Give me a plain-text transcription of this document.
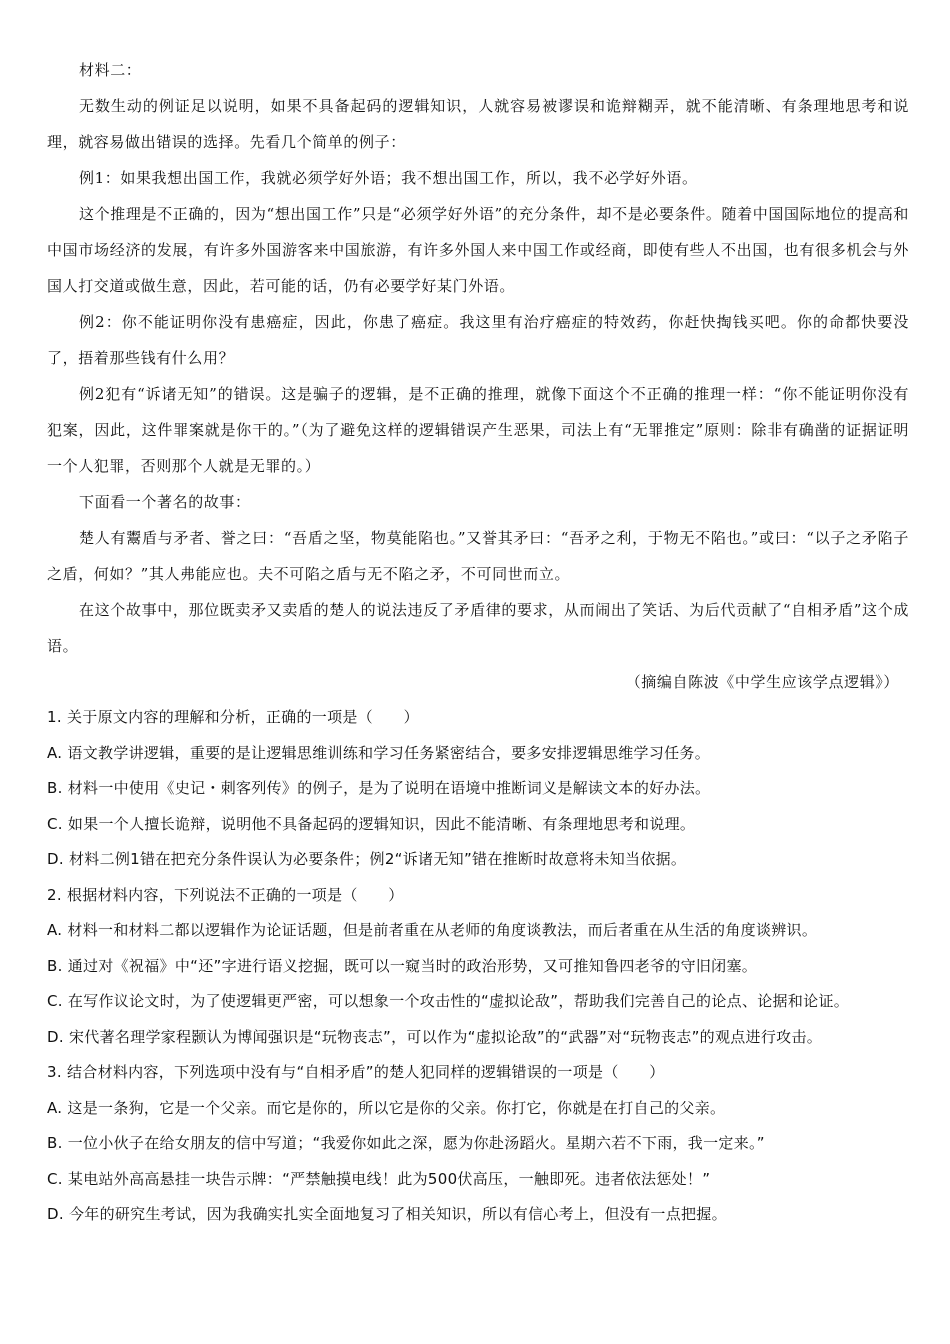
材料二：

无数生动的例证足以说明，如果不具备起码的逻辑知识，人就容易被谬误和诡辩糊弄，就不能清晰、有条理地思考和说理，就容易做出错误的选择。先看几个简单的例子：

例1：如果我想出国工作，我就必须学好外语；我不想出国工作，所以，我不必学好外语。

这个推理是不正确的，因为“想出国工作”只是“必须学好外语”的充分条件，却不是必要条件。随着中国国际地位的提高和中国市场经济的发展，有许多外国游客来中国旅游，有许多外国人来中国工作或经商，即使有些人不出国，也有很多机会与外国人打交道或做生意，因此，若可能的话，仍有必要学好某门外语。

例2：你不能证明你没有患癌症，因此，你患了癌症。我这里有治疗癌症的特效药，你赶快掏钱买吧。你的命都快要没了，捂着那些钱有什么用？

例2犯有“诉诸无知”的错误。这是骗子的逻辑，是不正确的推理，就像下面这个不正确的推理一样：“你不能证明你没有犯案，因此，这件罪案就是你干的。”（为了避免这样的逻辑错误产生恶果，司法上有“无罪推定”原则：除非有确凿的证据证明一个人犯罪，否则那个人就是无罪的。）

下面看一个著名的故事：

楚人有鬻盾与矛者、誉之曰：“吾盾之坚，物莫能陷也。”又誉其矛曰：“吾矛之利，于物无不陷也。”或曰：“以子之矛陷子之盾，何如？”其人弗能应也。夫不可陷之盾与无不陷之矛，不可同世而立。

在这个故事中，那位既卖矛又卖盾的楚人的说法违反了矛盾律的要求，从而闹出了笑话、为后代贡献了“自相矛盾”这个成语。

（摘编自陈波《中学生应该学点逻辑》）

1. 关于原文内容的理解和分析，正确的一项是（　　）

A. 语文教学讲逻辑，重要的是让逻辑思维训练和学习任务紧密结合，要多安排逻辑思维学习任务。

B. 材料一中使用《史记・刺客列传》的例子，是为了说明在语境中推断词义是解读文本的好办法。

C. 如果一个人擅长诡辩，说明他不具备起码的逻辑知识，因此不能清晰、有条理地思考和说理。

D. 材料二例1错在把充分条件误认为必要条件；例2“诉诸无知”错在推断时故意将未知当依据。

2. 根据材料内容，下列说法不正确的一项是（　　）

A. 材料一和材料二都以逻辑作为论证话题，但是前者重在从老师的角度谈教法，而后者重在从生活的角度谈辨识。

B. 通过对《祝福》中“还”字进行语义挖掘，既可以一窥当时的政治形势，又可推知鲁四老爷的守旧闭塞。

C. 在写作议论文时，为了使逻辑更严密，可以想象一个攻击性的“虚拟论敌”，帮助我们完善自己的论点、论据和论证。

D. 宋代著名理学家程颢认为博闻强识是“玩物丧志”，可以作为“虚拟论敌”的“武器”对“玩物丧志”的观点进行攻击。

3. 结合材料内容，下列选项中没有与“自相矛盾”的楚人犯同样的逻辑错误的一项是（　　）

A. 这是一条狗，它是一个父亲。而它是你的，所以它是你的父亲。你打它，你就是在打自己的父亲。

B. 一位小伙子在给女朋友的信中写道；“我爱你如此之深，愿为你赴汤蹈火。星期六若不下雨，我一定来。”

C. 某电站外高高悬挂一块告示牌：“严禁触摸电线！此为500伏高压，一触即死。违者依法惩处！”

D. 今年的研究生考试，因为我确实扎实全面地复习了相关知识，所以有信心考上，但没有一点把握。
